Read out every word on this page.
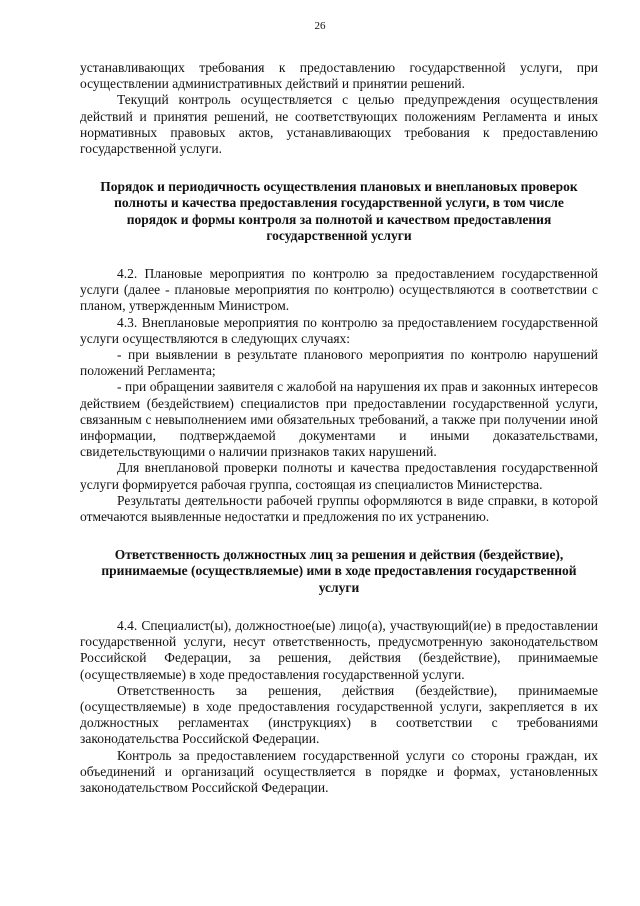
26

устанавливающих требования к предоставлению государственной услуги, при осуществлении административных действий и принятии решений.

Текущий контроль осуществляется с целью предупреждения осуществления действий и принятия решений, не соответствующих положениям Регламента и иных нормативных правовых актов, устанавливающих требования к предоставлению государственной услуги.

Порядок и периодичность осуществления плановых и внеплановых проверок полноты и качества предоставления государственной услуги, в том числе порядок и формы контроля за полнотой и качеством предоставления государственной услуги

4.2. Плановые мероприятия по контролю за предоставлением государственной услуги (далее - плановые мероприятия по контролю) осуществляются в соответствии с планом, утвержденным Министром.

4.3. Внеплановые мероприятия по контролю за предоставлением государственной услуги осуществляются в следующих случаях:

- при выявлении в результате планового мероприятия по контролю нарушений положений Регламента;

- при обращении заявителя с жалобой на нарушения их прав и законных интересов действием (бездействием) специалистов при предоставлении государственной услуги, связанным с невыполнением ими обязательных требований, а также при получении иной информации, подтверждаемой документами и иными доказательствами, свидетельствующими о наличии признаков таких нарушений.

Для внеплановой проверки полноты и качества предоставления государственной услуги формируется рабочая группа, состоящая из специалистов Министерства.

Результаты деятельности рабочей группы оформляются в виде справки, в которой отмечаются выявленные недостатки и предложения по их устранению.

Ответственность должностных лиц за решения и действия (бездействие), принимаемые (осуществляемые) ими в ходе предоставления государственной услуги

4.4. Специалист(ы), должностное(ые) лицо(а), участвующий(ие) в предоставлении государственной услуги, несут ответственность, предусмотренную законодательством Российской Федерации, за решения, действия (бездействие), принимаемые (осуществляемые) в ходе предоставления государственной услуги.

Ответственность за решения, действия (бездействие), принимаемые (осуществляемые) в ходе предоставления государственной услуги, закрепляется в их должностных регламентах (инструкциях) в соответствии с требованиями законодательства Российской Федерации.

Контроль за предоставлением государственной услуги со стороны граждан, их объединений и организаций осуществляется в порядке и формах, установленных законодательством Российской Федерации.
